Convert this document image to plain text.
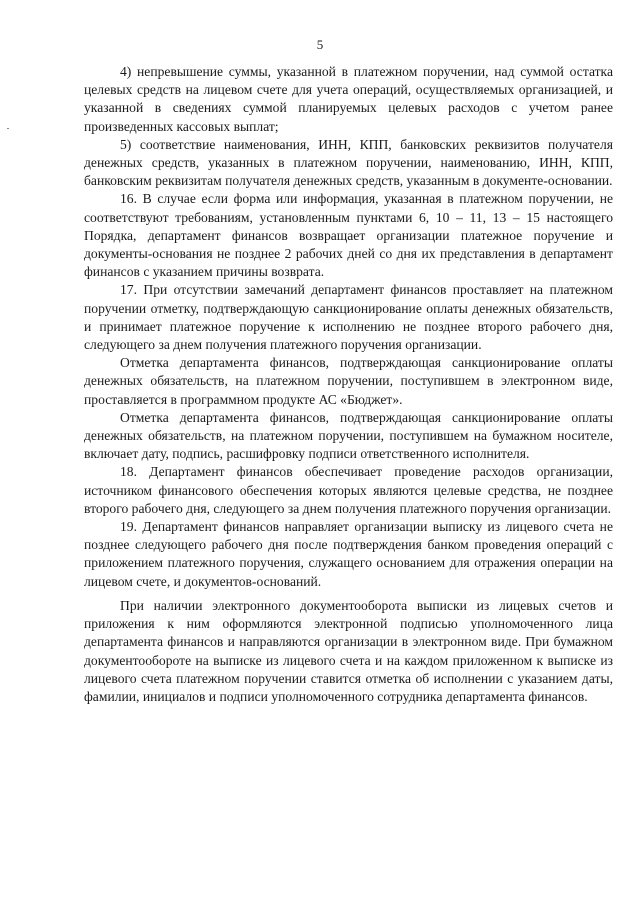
5

4) непревышение суммы, указанной в платежном поручении, над суммой остатка целевых средств на лицевом счете для учета операций, осуществляемых организацией, и указанной в сведениях суммой планируемых целевых расходов с учетом ранее произведенных кассовых выплат;

5) соответствие наименования, ИНН, КПП, банковских реквизитов получателя денежных средств, указанных в платежном поручении, наименованию, ИНН, КПП, банковским реквизитам получателя денежных средств, указанным в документе-основании.

16. В случае если форма или информация, указанная в платежном поручении, не соответствуют требованиям, установленным пунктами 6, 10 – 11, 13 – 15 настоящего Порядка, департамент финансов возвращает организации платежное поручение и документы-основания не позднее 2 рабочих дней со дня их представления в департамент финансов с указанием причины возврата.

17. При отсутствии замечаний департамент финансов проставляет на платежном поручении отметку, подтверждающую санкционирование оплаты денежных обязательств, и принимает платежное поручение к исполнению не позднее второго рабочего дня, следующего за днем получения платежного поручения организации.

Отметка департамента финансов, подтверждающая санкционирование оплаты денежных обязательств, на платежном поручении, поступившем в электронном виде, проставляется в программном продукте АС «Бюджет».

Отметка департамента финансов, подтверждающая санкционирование оплаты денежных обязательств, на платежном поручении, поступившем на бумажном носителе, включает дату, подпись, расшифровку подписи ответственного исполнителя.

18. Департамент финансов обеспечивает проведение расходов организации, источником финансового обеспечения которых являются целевые средства, не позднее второго рабочего дня, следующего за днем получения платежного поручения организации.

19. Департамент финансов направляет организации выписку из лицевого счета не позднее следующего рабочего дня после подтверждения банком проведения операций с приложением платежного поручения, служащего основанием для отражения операции на лицевом счете, и документов-оснований.

При наличии электронного документооборота выписки из лицевых счетов и приложения к ним оформляются электронной подписью уполномоченного лица департамента финансов и направляются организации в электронном виде. При бумажном документообороте на выписке из лицевого счета и на каждом приложенном к выписке из лицевого счета платежном поручении ставится отметка об исполнении с указанием даты, фамилии, инициалов и подписи уполномоченного сотрудника департамента финансов.
